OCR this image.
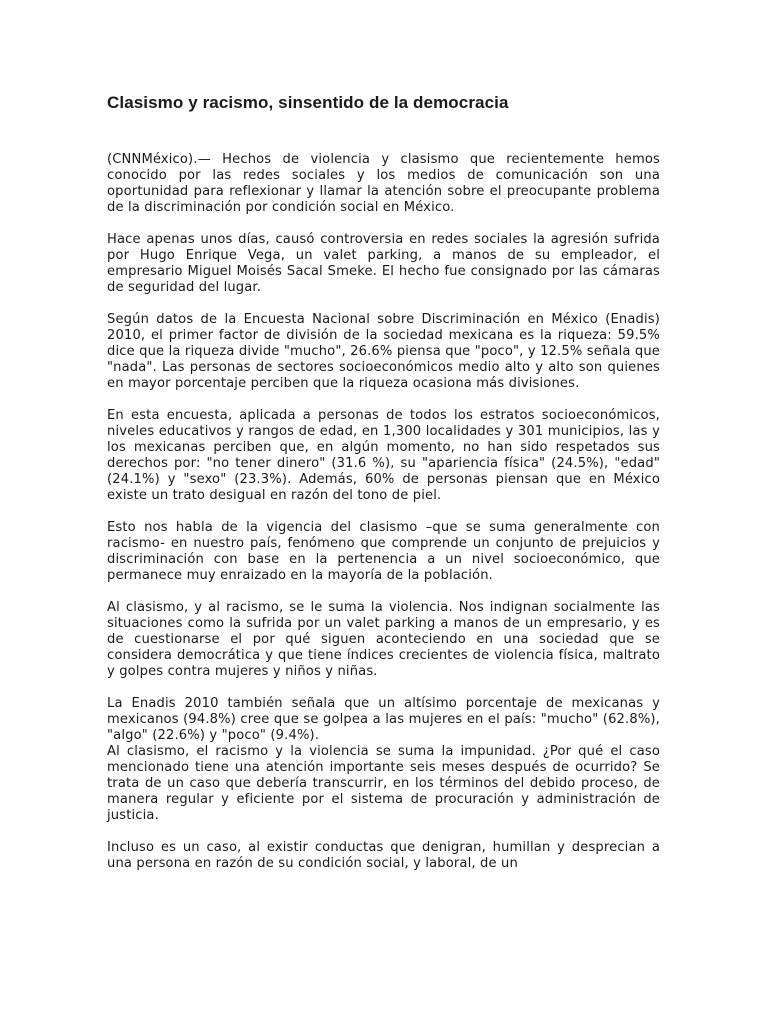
Clasismo y racismo, sinsentido de la democracia

(CNNMéxico).— Hechos de violencia y clasismo que recientemente hemos conocido por las redes sociales y los medios de comunicación son una oportunidad para reflexionar y llamar la atención sobre el preocupante problema de la discriminación por condición social en México.

Hace apenas unos días, causó controversia en redes sociales la agresión sufrida por Hugo Enrique Vega, un valet parking, a manos de su empleador, el empresario Miguel Moisés Sacal Smeke. El hecho fue consignado por las cámaras de seguridad del lugar.

Según datos de la Encuesta Nacional sobre Discriminación en México (Enadis) 2010, el primer factor de división de la sociedad mexicana es la riqueza: 59.5% dice que la riqueza divide "mucho", 26.6% piensa que "poco", y 12.5% señala que "nada". Las personas de sectores socioeconómicos medio alto y alto son quienes en mayor porcentaje perciben que la riqueza ocasiona más divisiones.

En esta encuesta, aplicada a personas de todos los estratos socioeconómicos, niveles educativos y rangos de edad, en 1,300 localidades y 301 municipios, las y los mexicanas perciben que, en algún momento, no han sido respetados sus derechos por: "no tener dinero" (31.6 %), su "apariencia física" (24.5%), "edad" (24.1%) y "sexo" (23.3%). Además, 60% de personas piensan que en México existe un trato desigual en razón del tono de piel.

Esto nos habla de la vigencia del clasismo –que se suma generalmente con racismo- en nuestro país, fenómeno que comprende un conjunto de prejuicios y discriminación con base en la pertenencia a un nivel socioeconómico, que permanece muy enraizado en la mayoría de la población.

Al clasismo, y al racismo, se le suma la violencia. Nos indignan socialmente las situaciones como la sufrida por un valet parking a manos de un empresario, y es de cuestionarse el por qué siguen aconteciendo en una sociedad que se considera democrática y que tiene índices crecientes de violencia física, maltrato y golpes contra mujeres y niños y niñas.

La Enadis 2010 también señala que un altísimo porcentaje de mexicanas y mexicanos (94.8%) cree que se golpea a las mujeres en el país: "mucho" (62.8%), "algo" (22.6%) y "poco" (9.4%).

Al clasismo, el racismo y la violencia se suma la impunidad. ¿Por qué el caso mencionado tiene una atención importante seis meses después de ocurrido? Se trata de un caso que debería transcurrir, en los términos del debido proceso, de manera regular y eficiente por el sistema de procuración y administración de justicia.

Incluso es un caso, al existir conductas que denigran, humillan y desprecian a una persona en razón de su condición social, y laboral, de un
